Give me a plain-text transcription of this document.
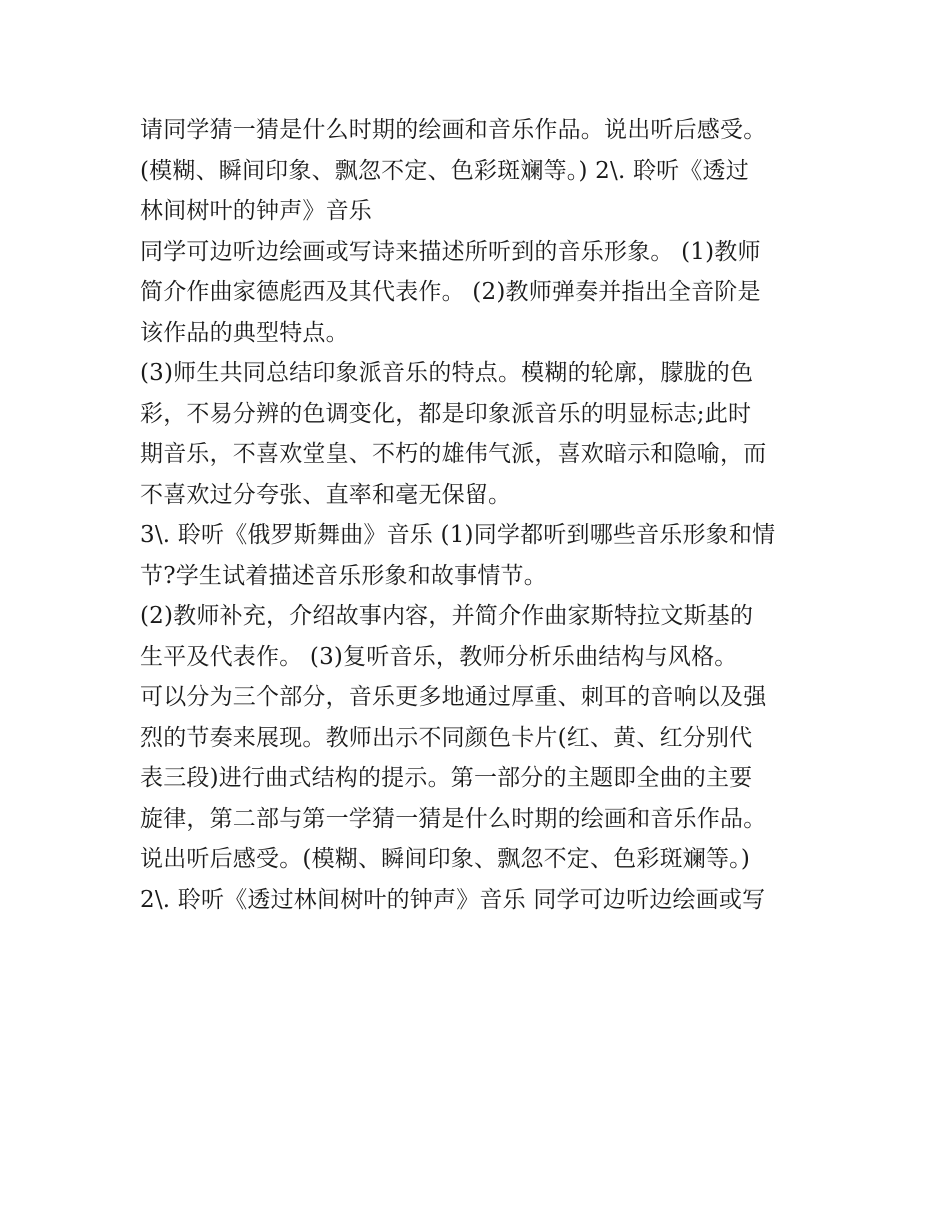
请同学猜一猜是什么时期的绘画和音乐作品。说出听后感受。
(模糊、瞬间印象、飘忽不定、色彩斑斓等。) 2\. 聆听《透过
林间树叶的钟声》音乐
同学可边听边绘画或写诗来描述所听到的音乐形象。 (1)教师
简介作曲家德彪西及其代表作。 (2)教师弹奏并指出全音阶是
该作品的典型特点。
(3)师生共同总结印象派音乐的特点。模糊的轮廓，朦胧的色
彩，不易分辨的色调变化，都是印象派音乐的明显标志;此时
期音乐，不喜欢堂皇、不朽的雄伟气派，喜欢暗示和隐喻，而
不喜欢过分夸张、直率和毫无保留。
3\. 聆听《俄罗斯舞曲》音乐 (1)同学都听到哪些音乐形象和情
节?学生试着描述音乐形象和故事情节。
(2)教师补充，介绍故事内容，并简介作曲家斯特拉文斯基的
生平及代表作。 (3)复听音乐，教师分析乐曲结构与风格。
可以分为三个部分，音乐更多地通过厚重、刺耳的音响以及强
烈的节奏来展现。教师出示不同颜色卡片(红、黄、红分别代
表三段)进行曲式结构的提示。第一部分的主题即全曲的主要
旋律，第二部与第一学猜一猜是什么时期的绘画和音乐作品。
说出听后感受。(模糊、瞬间印象、飘忽不定、色彩斑斓等。)
2\. 聆听《透过林间树叶的钟声》音乐 同学可边听边绘画或写
